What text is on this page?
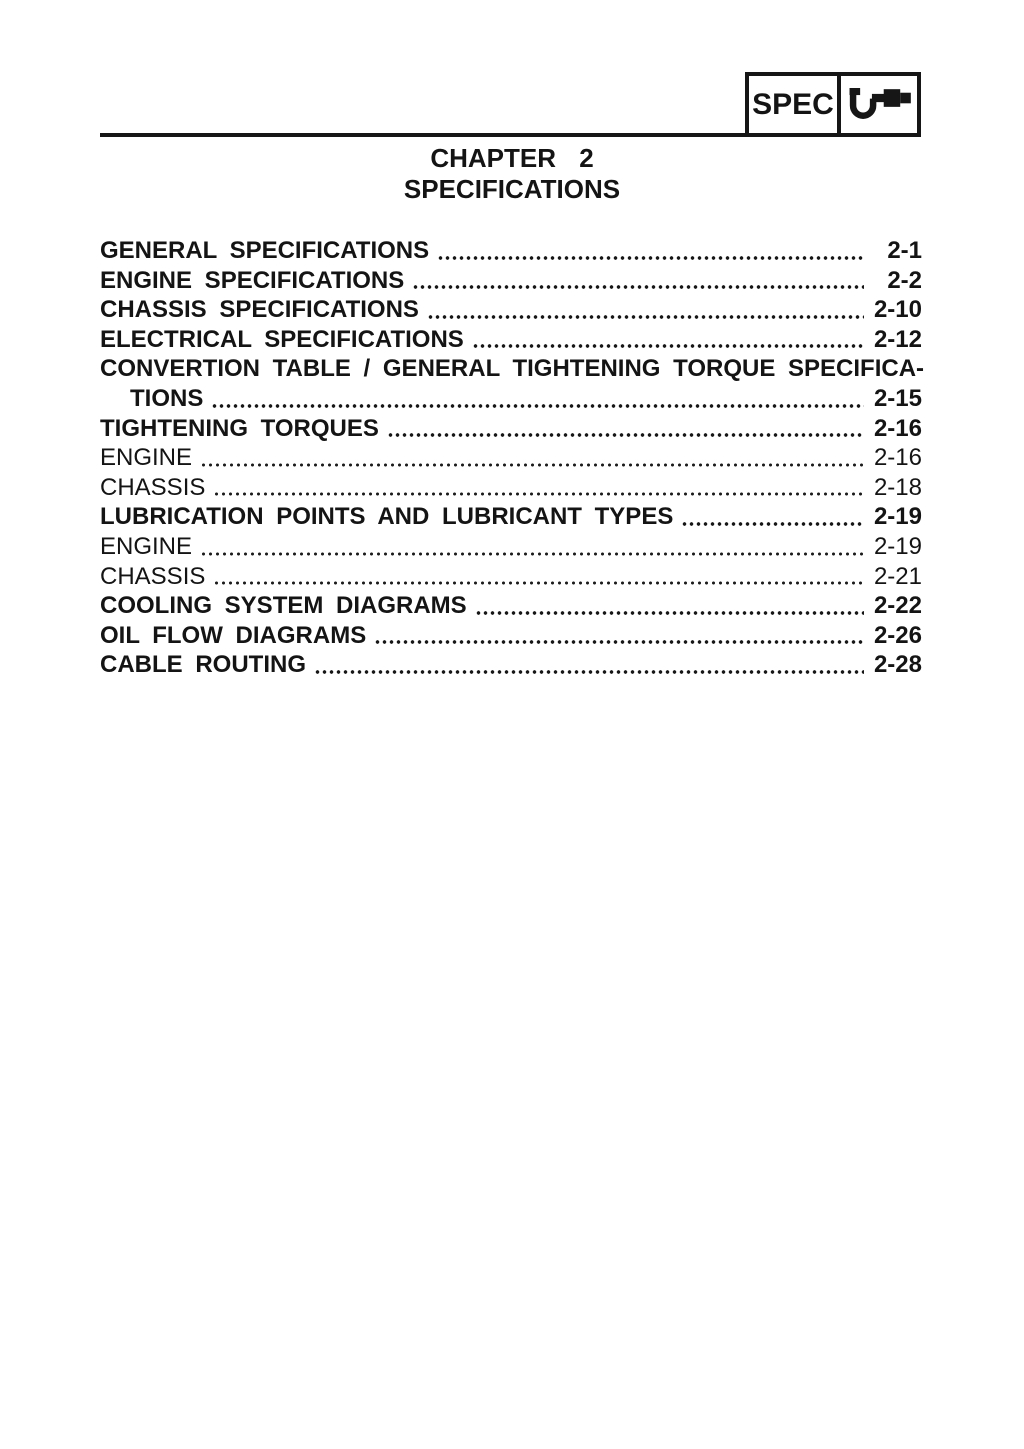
SPEC
CHAPTER 2
SPECIFICATIONS
GENERAL SPECIFICATIONS	2-1
ENGINE SPECIFICATIONS	2-2
CHASSIS SPECIFICATIONS	2-10
ELECTRICAL SPECIFICATIONS	2-12
CONVERTION TABLE / GENERAL TIGHTENING TORQUE SPECIFICA-
TIONS	2-15
TIGHTENING TORQUES	2-16
ENGINE	2-16
CHASSIS	2-18
LUBRICATION POINTS AND LUBRICANT TYPES	2-19
ENGINE	2-19
CHASSIS	2-21
COOLING SYSTEM DIAGRAMS	2-22
OIL FLOW DIAGRAMS	2-26
CABLE ROUTING	2-28
